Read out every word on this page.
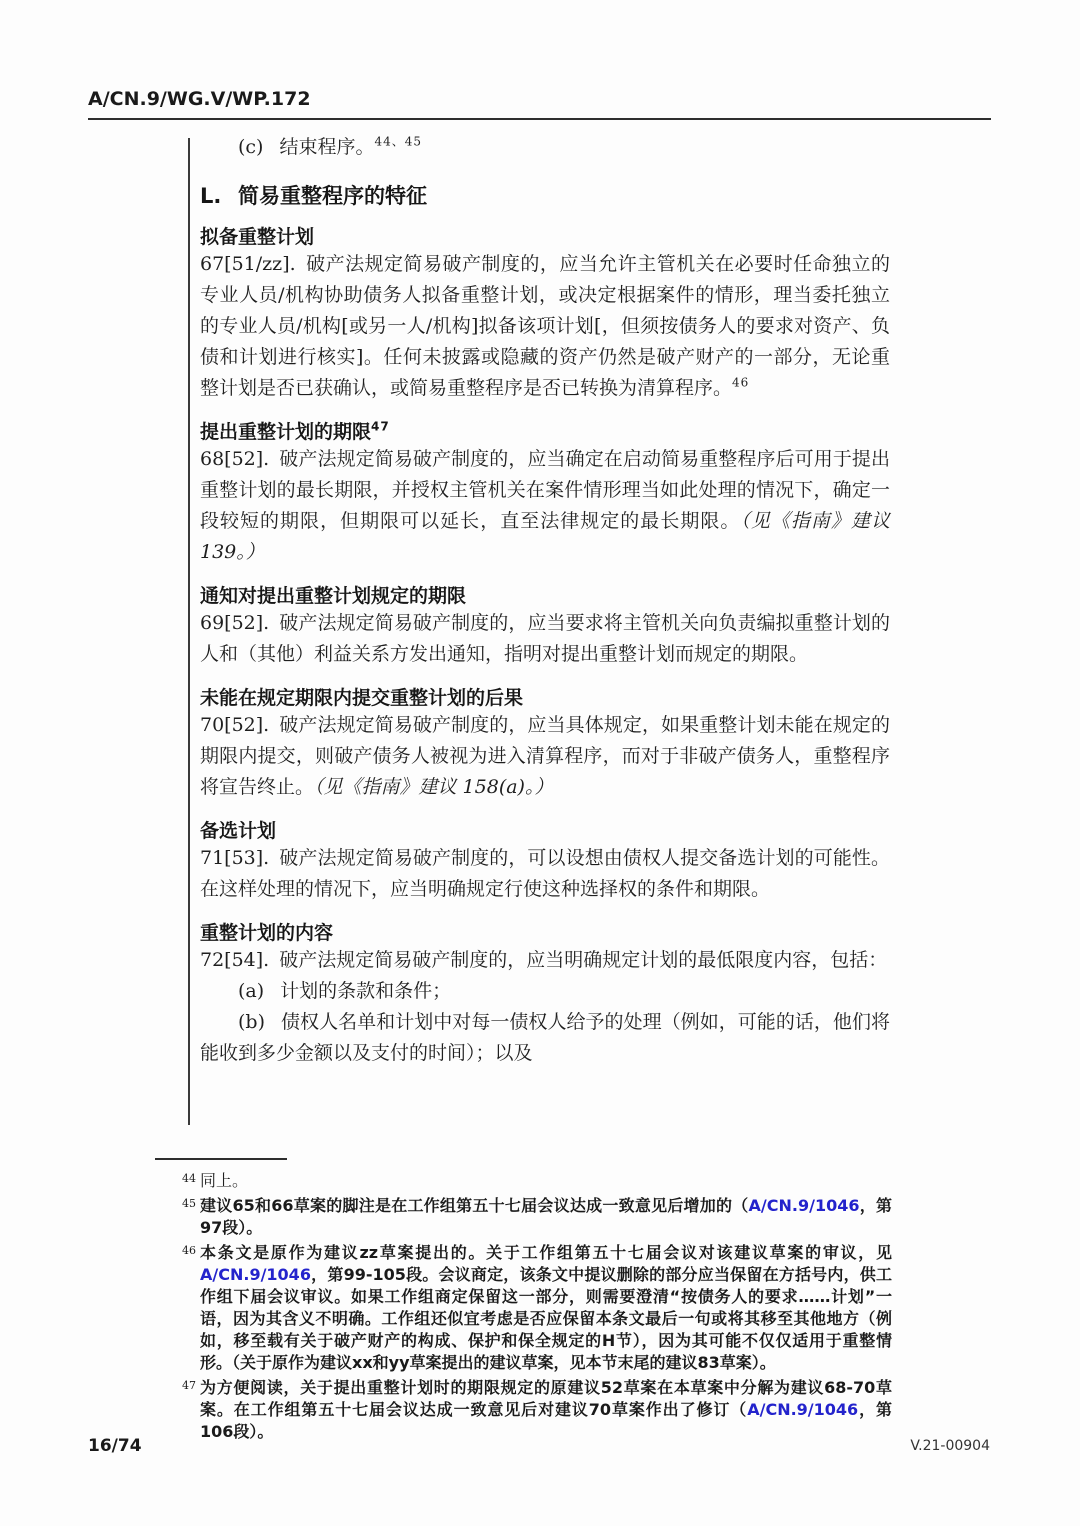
A/CN.9/WG.V/WP.172

(c) 结束程序。$^{44、45}$

L. 简易重整程序的特征
拟备重整计划

67[51/zz]. 破产法规定简易破产制度的，应当允许主管机关在必要时任命独立的专业人员/机构协助债务人拟备重整计划，或决定根据案件的情形，理当委托独立的专业人员/机构[或另一人/机构]拟备该项计划[，但须按债务人的要求对资产、负债和计划进行核实]。任何未披露或隐藏的资产仍然是破产财产的一部分，无论重整计划是否已获确认，或简易重整程序是否已转换为清算程序。$^{46}$

提出重整计划的期限$^{47}$

68[52]. 破产法规定简易破产制度的，应当确定在启动简易重整程序后可用于提出重整计划的最长期限，并授权主管机关在案件情形理当如此处理的情况下，确定一段较短的期限，但期限可以延长，直至法律规定的最长期限。（见《指南》建议 139。）

通知对提出重整计划规定的期限

69[52]. 破产法规定简易破产制度的，应当要求将主管机关向负责编拟重整计划的人和（其他）利益关系方发出通知，指明对提出重整计划而规定的期限。

未能在规定期限内提交重整计划的后果

70[52]. 破产法规定简易破产制度的，应当具体规定，如果重整计划未能在规定的期限内提交，则破产债务人被视为进入清算程序，而对于非破产债务人，重整程序将宣告终止。（见《指南》建议 158(a)。）

备选计划

71[53]. 破产法规定简易破产制度的，可以设想由债权人提交备选计划的可能性。在这样处理的情况下，应当明确规定行使这种选择权的条件和期限。

重整计划的内容

72[54]. 破产法规定简易破产制度的，应当明确规定计划的最低限度内容，包括：

(a) 计划的条款和条件；

(b) 债权人名单和计划中对每一债权人给予的处理（例如，可能的话，他们将能收到多少金额以及支付的时间）；以及

44 同上。
45 建议65和66草案的脚注是在工作组第五十七届会议达成一致意见后增加的（A/CN.9/1046，第97段）。
46 本条文是原作为建议zz草案提出的。关于工作组第五十七届会议对该建议草案的审议，见A/CN.9/1046，第99-105段。会议商定，该条文中提议删除的部分应当保留在方括号内，供工作组下届会议审议。如果工作组商定保留这一部分，则需要澄清“按债务人的要求……计划”一语，因为其含义不明确。工作组还似宜考虑是否应保留本条文最后一句或将其移至其他地方（例如，移至载有关于破产财产的构成、保护和保全规定的H节），因为其可能不仅仅适用于重整情形。（关于原作为建议xx和yy草案提出的建议草案，见本节末尾的建议83草案）。
47 为方便阅读，关于提出重整计划时的期限规定的原建议52草案在本草案中分解为建议68-70草案。在工作组第五十七届会议达成一致意见后对建议70草案作出了修订（A/CN.9/1046，第106段）。
16/74	V.21-00904
